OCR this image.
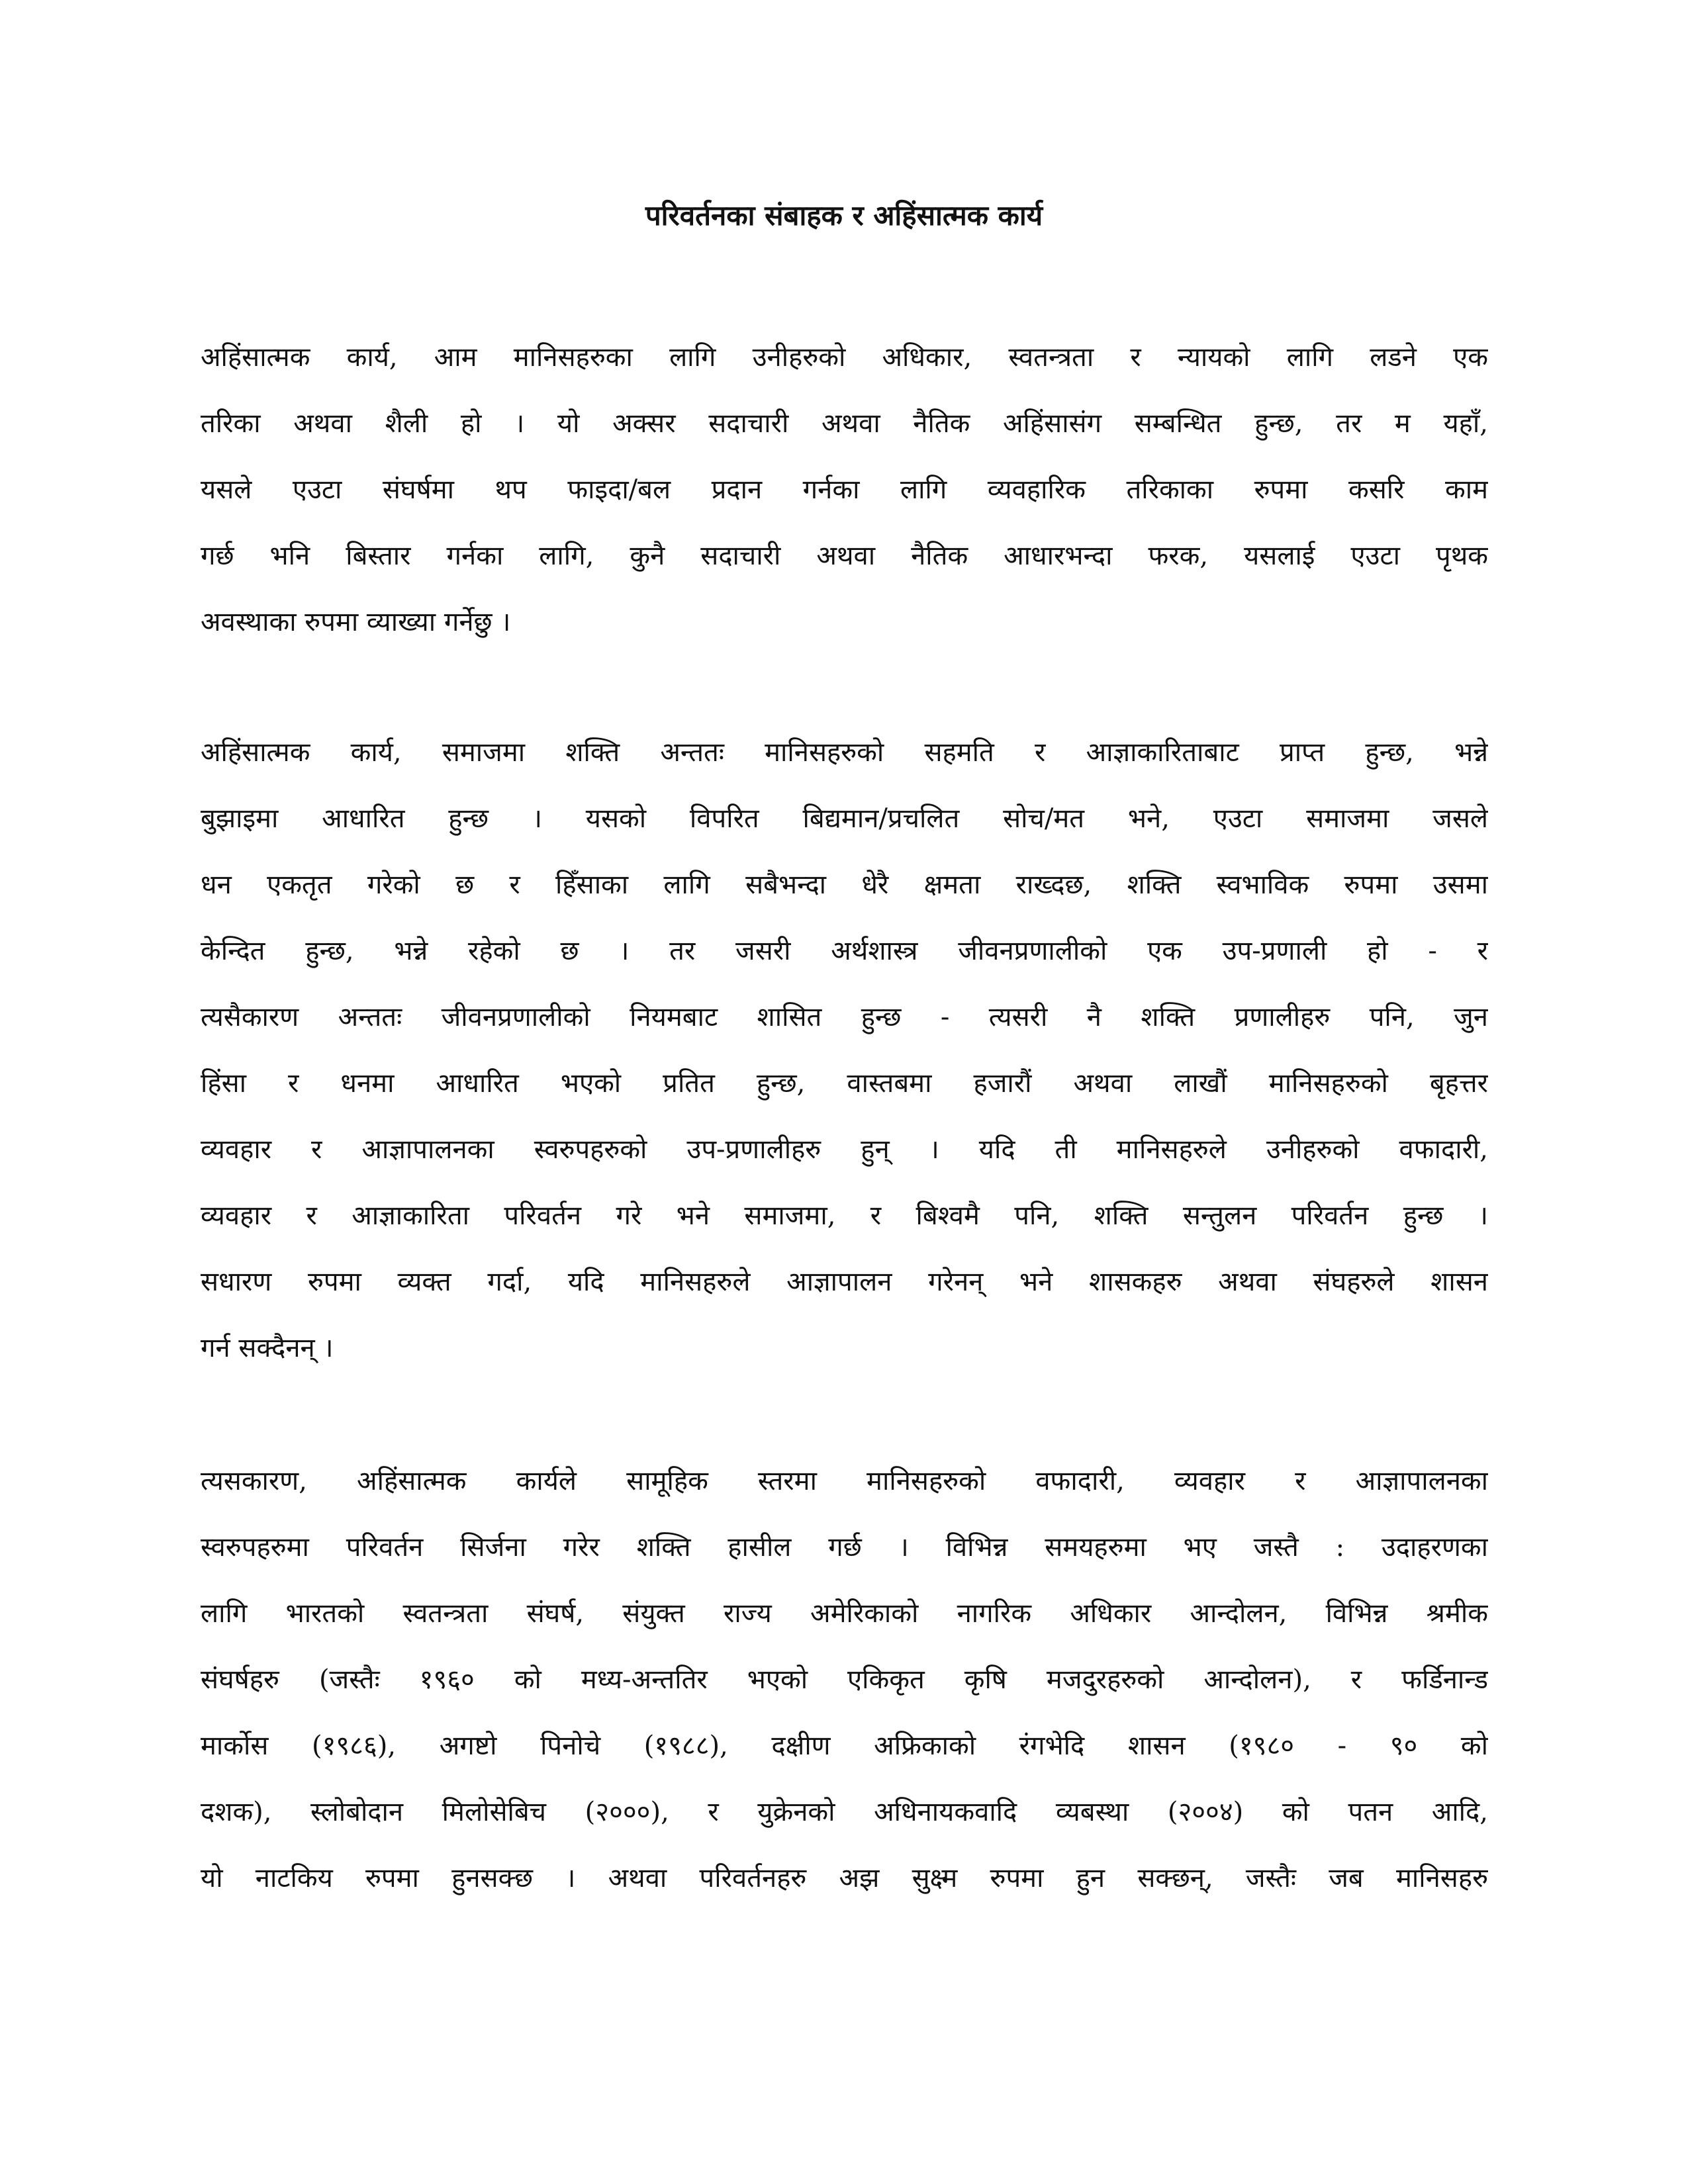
परिवर्तनका संबाहक र अहिंसात्मक कार्य
अहिंसात्मक कार्य, आम मानिसहरुका लागि उनीहरुको अधिकार, स्वतन्त्रता र न्यायको लागि लडने एक
तरिका अथवा शैली हो । यो अक्सर सदाचारी अथवा नैतिक अहिंसासंग सम्बन्धित हुन्छ, तर म यहाँ,
यसले एउटा संघर्षमा थप फाइदा/बल प्रदान गर्नका लागि व्यवहारिक तरिकाका रुपमा कसरि काम
गर्छ भनि बिस्तार गर्नका लागि, कुनै सदाचारी अथवा नैतिक आधारभन्दा फरक, यसलाई एउटा पृथक
अवस्थाका रुपमा व्याख्या गर्नेछु ।
अहिंसात्मक कार्य, समाजमा शक्ति अन्ततः मानिसहरुको सहमति र आज्ञाकारिताबाट प्राप्त हुन्छ, भन्ने
बुझाइमा आधारित हुन्छ । यसको विपरित बिद्यमान/प्रचलित सोच/मत भने, एउटा समाजमा जसले
धन एकतृत गरेको छ र हिँसाका लागि सबैभन्दा धेरै क्षमता राख्दछ, शक्ति स्वभाविक रुपमा उसमा
केन्दित हुन्छ, भन्ने रहेको छ । तर जसरी अर्थशास्त्र जीवनप्रणालीको एक उप-प्रणाली हो - र
त्यसैकारण अन्ततः जीवनप्रणालीको नियमबाट शासित हुन्छ - त्यसरी नै शक्ति प्रणालीहरु पनि, जुन
हिंसा र धनमा आधारित भएको प्रतित हुन्छ, वास्तबमा हजारौं अथवा लाखौं मानिसहरुको बृहत्तर
व्यवहार र आज्ञापालनका स्वरुपहरुको उप-प्रणालीहरु हुन् । यदि ती मानिसहरुले उनीहरुको वफादारी,
व्यवहार र आज्ञाकारिता परिवर्तन गरे भने समाजमा, र बिश्वमै पनि, शक्ति सन्तुलन परिवर्तन हुन्छ ।
सधारण रुपमा व्यक्त गर्दा, यदि मानिसहरुले आज्ञापालन गरेनन् भने शासकहरु अथवा संघहरुले शासन
गर्न सक्दैनन् ।
त्यसकारण, अहिंसात्मक कार्यले सामूहिक स्तरमा मानिसहरुको वफादारी, व्यवहार र आज्ञापालनका
स्वरुपहरुमा परिवर्तन सिर्जना गरेर शक्ति हासील गर्छ । विभिन्न समयहरुमा भए जस्तै : उदाहरणका
लागि भारतको स्वतन्त्रता संघर्ष, संयुक्त राज्य अमेरिकाको नागरिक अधिकार आन्दोलन, विभिन्न श्रमीक
संघर्षहरु (जस्तैः १९६० को मध्य-अन्ततिर भएको एकिकृत कृषि मजदुरहरुको आन्दोलन), र फर्डिनान्ड
मार्कोस (१९८६), अगष्टो पिनोचे (१९८८), दक्षीण अफ्रिकाको रंगभेदि शासन (१९८० - ९० को
दशक), स्लोबोदान मिलोसेबिच (२०००), र युक्रेनको अधिनायकवादि व्यबस्था (२००४) को पतन आदि,
यो नाटकिय रुपमा हुनसक्छ । अथवा परिवर्तनहरु अझ सुक्ष्म रुपमा हुन सक्छन्, जस्तैः जब मानिसहरु
